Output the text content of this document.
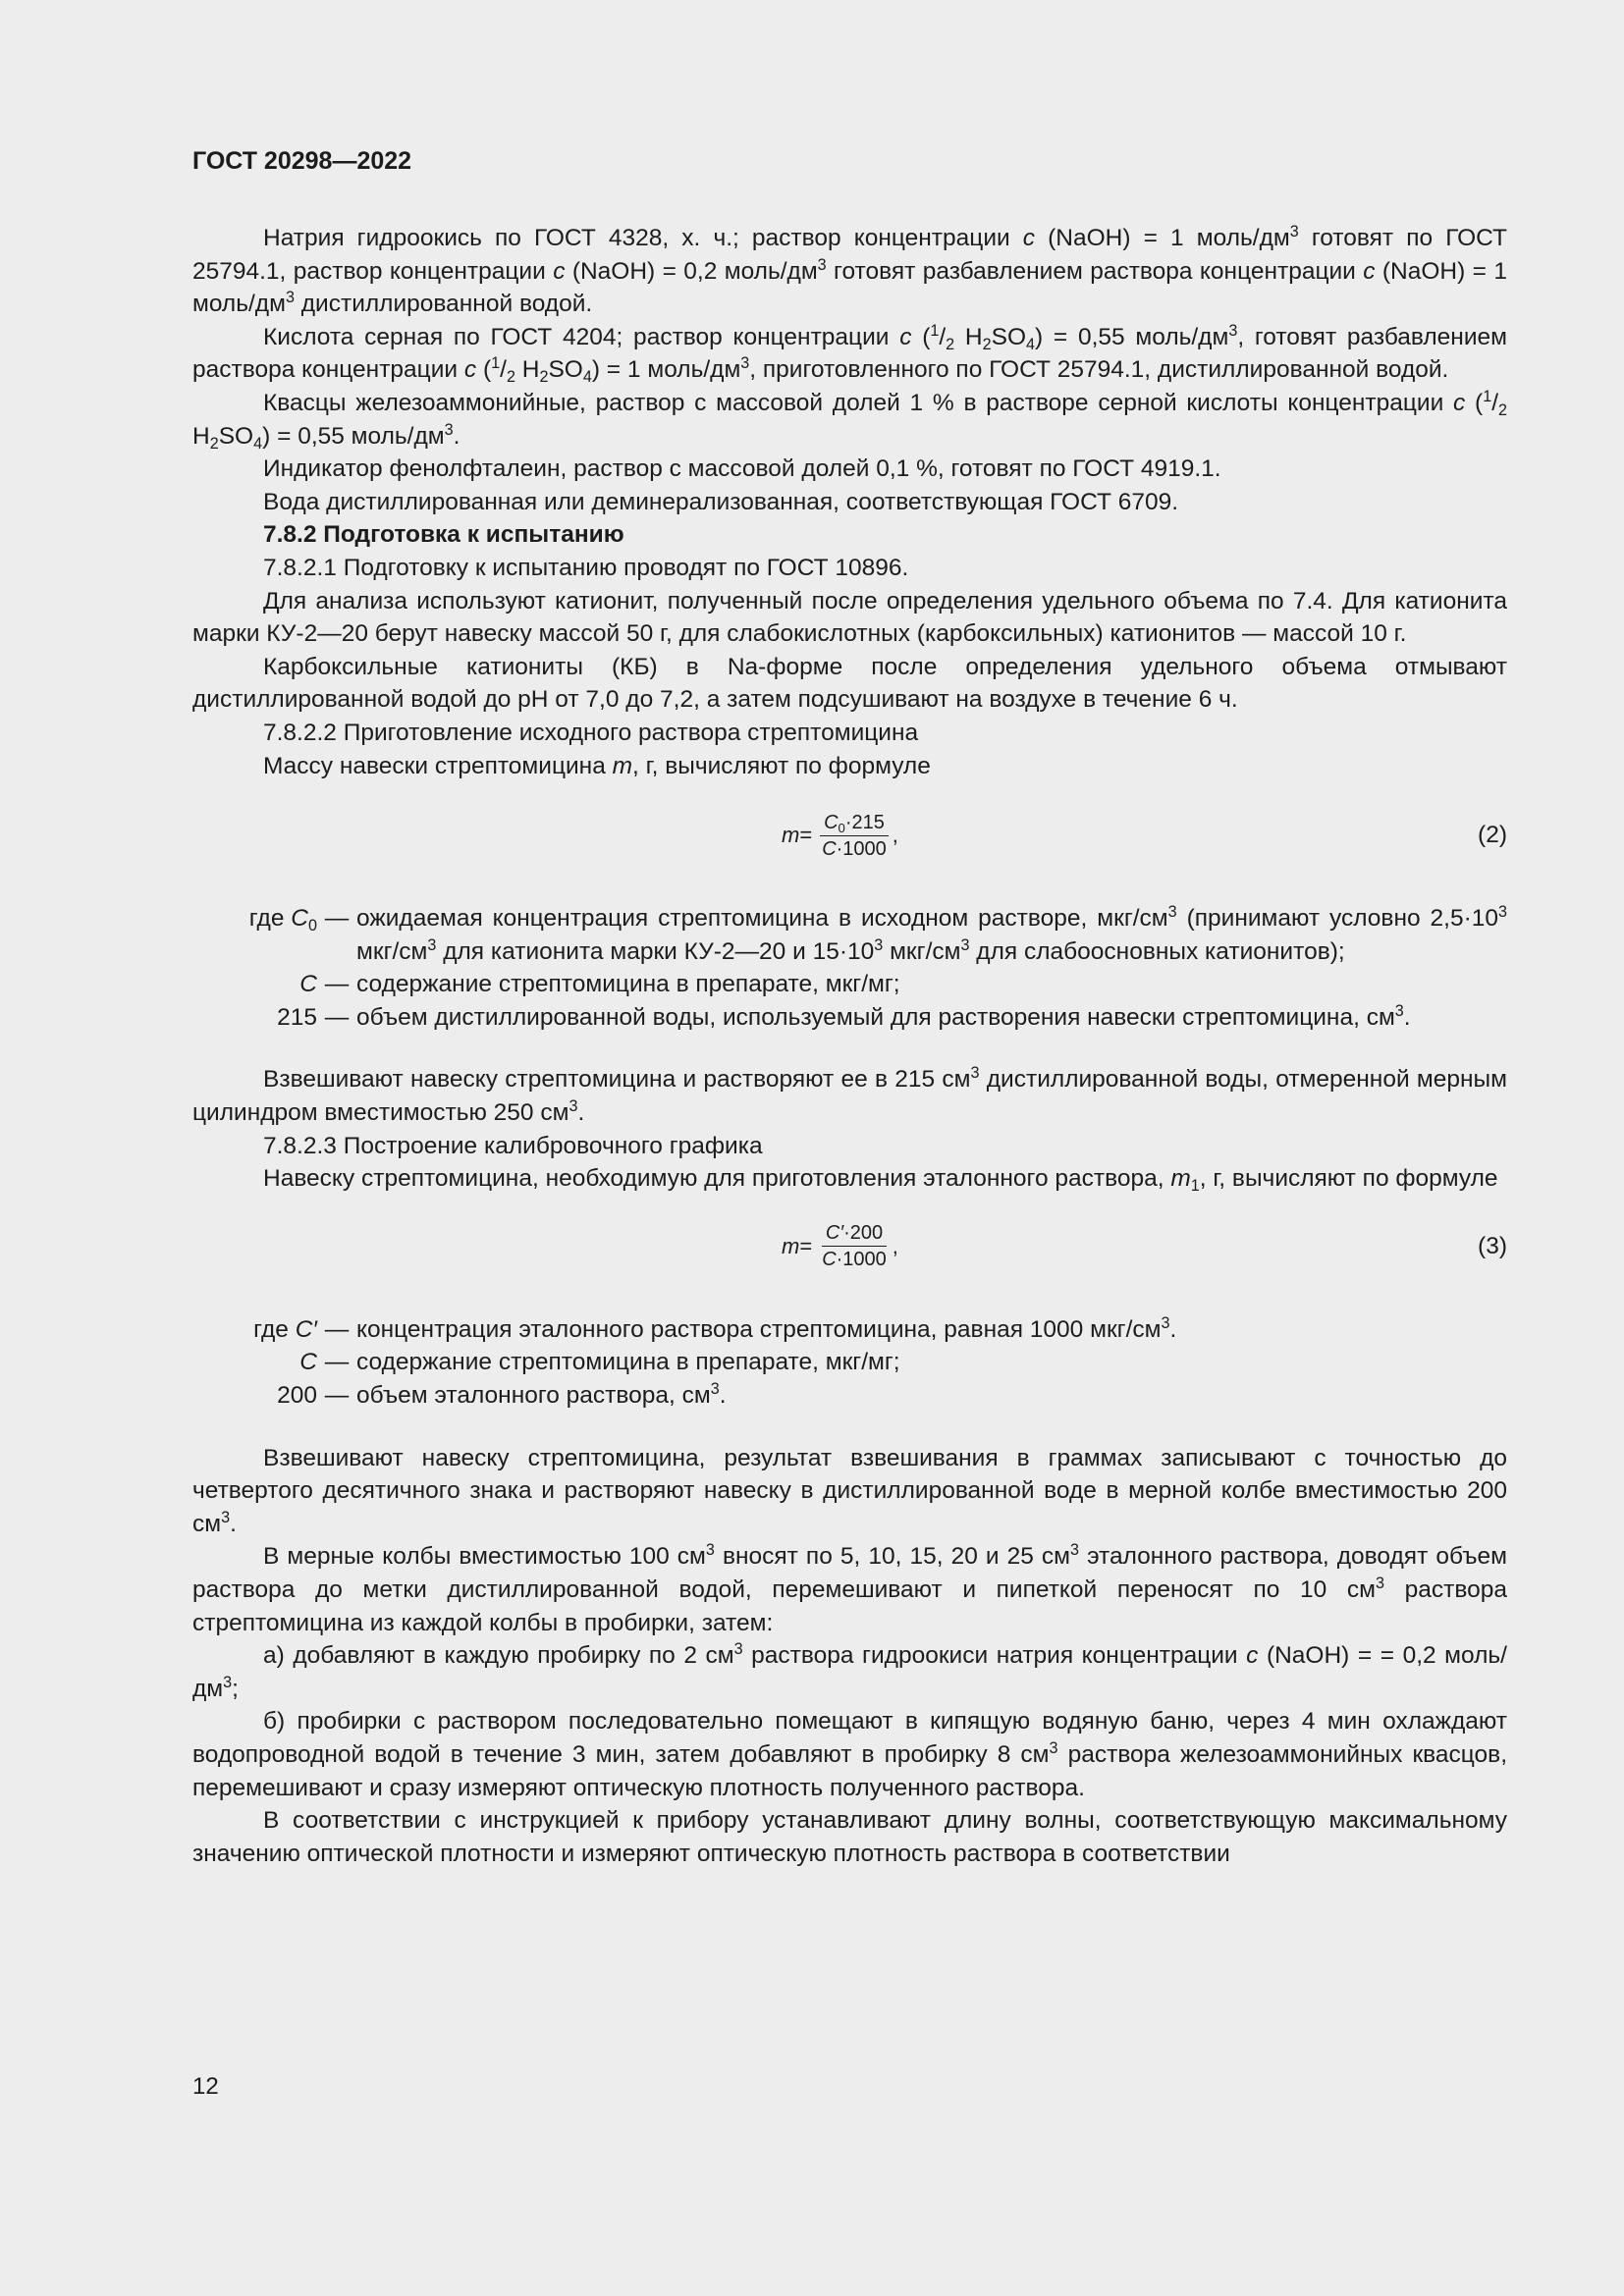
ГОСТ 20298—2022

Натрия гидроокись по ГОСТ 4328, х. ч.; раствор концентрации c (NaOH) = 1 моль/$дм^3$ готовят по ГОСТ 25794.1, раствор концентрации c (NaOH) = 0,2 моль/$дм^3$ готовят разбавлением раствора концентрации c (NaOH) = 1 моль/$дм^3$ дистиллированной водой.

Кислота серная по ГОСТ 4204; раствор концентрации c ($^1/_2$ $H_2SO_4) = 0,55$ моль/$дм^3$, готовят разбавлением раствора концентрации c ($^1/_2$ $H_2SO_4) = 1$ моль/$дм^3$, приготовленного по ГОСТ 25794.1, дистиллированной водой.

Квасцы железоаммонийные, раствор с массовой долей 1 % в растворе серной кислоты концентрации c ($^1/_2$ $H_2SO_4) = 0,55$ моль/$дм^3$.

Индикатор фенолфталеин, раствор с массовой долей 0,1 %, готовят по ГОСТ 4919.1.

Вода дистиллированная или деминерализованная, соответствующая ГОСТ 6709.

7.8.2 Подготовка к испытанию

7.8.2.1 Подготовку к испытанию проводят по ГОСТ 10896.

Для анализа используют катионит, полученный после определения удельного объема по 7.4. Для катионита марки КУ-2—20 берут навеску массой 50 г, для слабокислотных (карбоксильных) катионитов — массой 10 г.

Карбоксильные катиониты (КБ) в Na-форме после определения удельного объема отмывают дистиллированной водой до pH от 7,0 до 7,2, а затем подсушивают на воздухе в течение 6 ч.

7.8.2.2 Приготовление исходного раствора стрептомицина

Массу навески стрептомицина m, г, вычисляют по формуле

$m = \frac{C_0\cdot 215}{C\cdot 1000}$ ,	(2)
где $C_0$ — ожидаемая концентрация стрептомицина в исходном растворе, мкг/$см^3$ (принимают условно $2,5\cdot 10^3$ мкг/$см^3$ для катионита марки КУ-2—20 и $15\cdot 10^3$ мкг/$см^3$ для слабоосновных катионитов);
C — содержание стрептомицина в препарате, мкг/мг;
215 — объем дистиллированной воды, используемый для растворения навески стрептомицина, $см^3$.

Взвешивают навеску стрептомицина и растворяют ее в 215 $см^3$ дистиллированной воды, отмеренной мерным цилиндром вместимостью 250 $см^3$.

7.8.2.3 Построение калибровочного графика

Навеску стрептомицина, необходимую для приготовления эталонного раствора, $m_1$, г, вычисляют по формуле

$m = \frac{C'\cdot 200}{C\cdot 1000}$ ,	(3)
где C′ — концентрация эталонного раствора стрептомицина, равная 1000 мкг/$см^3$.
C — содержание стрептомицина в препарате, мкг/мг;
200 — объем эталонного раствора, $см^3$.

Взвешивают навеску стрептомицина, результат взвешивания в граммах записывают с точностью до четвертого десятичного знака и растворяют навеску в дистиллированной воде в мерной колбе вместимостью 200 $см^3$.

В мерные колбы вместимостью 100 $см^3$ вносят по 5, 10, 15, 20 и 25 $см^3$ эталонного раствора, доводят объем раствора до метки дистиллированной водой, перемешивают и пипеткой переносят по 10 $см^3$ раствора стрептомицина из каждой колбы в пробирки, затем:

а) добавляют в каждую пробирку по 2 $см^3$ раствора гидроокиси натрия концентрации c (NaOH) = = 0,2 моль/$дм^3$;

б) пробирки с раствором последовательно помещают в кипящую водяную баню, через 4 мин охлаждают водопроводной водой в течение 3 мин, затем добавляют в пробирку 8 $см^3$ раствора железоаммонийных квасцов, перемешивают и сразу измеряют оптическую плотность полученного раствора.

В соответствии с инструкцией к прибору устанавливают длину волны, соответствующую максимальному значению оптической плотности и измеряют оптическую плотность раствора в соответствии

12
